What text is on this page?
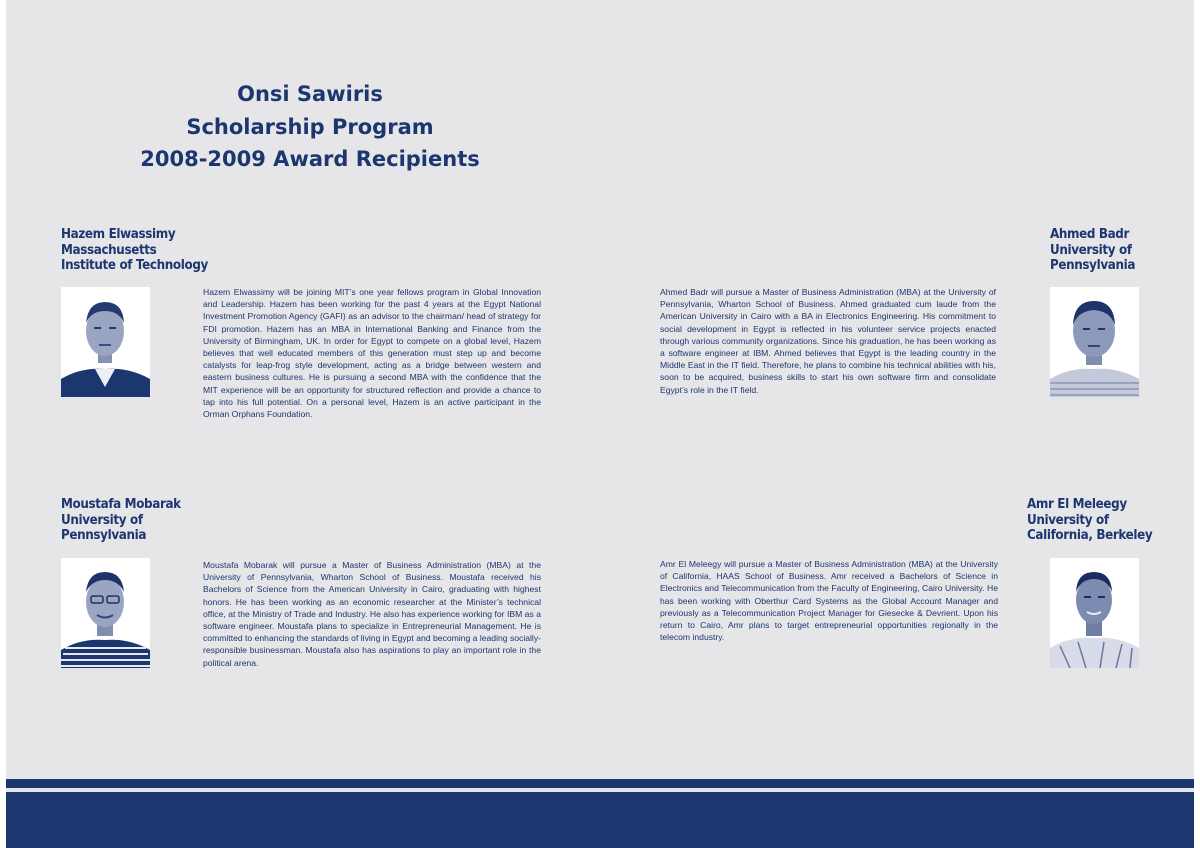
Onsi Sawiris
Scholarship Program
2008-2009 Award Recipients
Hazem Elwassimy
Massachusetts
Institute of Technology
Hazem Elwassimy will be joining MIT’s one year fellows program in Global Innovation and Leadership. Hazem has been working for the past 4 years at the Egypt National Investment Promotion Agency (GAFI) as an advisor to the chairman/ head of strategy for FDI promotion. Hazem has an MBA in International Banking and Finance from the University of Birmingham, UK. In order for Egypt to compete on a global level, Hazem believes that well educated members of this generation must step up and become catalysts for leap-frog style development, acting as a bridge between western and eastern business cultures. He is pursuing a second MBA with the confidence that the MIT experience will be an opportunity for structured reflection and provide a chance to tap into his full potential. On a personal level, Hazem is an active participant in the Orman Orphans Foundation.
Ahmed Badr
University of
Pennsylvania
Ahmed Badr will pursue a Master of Business Administration (MBA) at the University of Pennsylvania, Wharton School of Business. Ahmed graduated cum laude from the American University in Cairo with a BA in Electronics Engineering. His commitment to social development in Egypt is reflected in his volunteer service projects enacted through various community organizations. Since his graduation, he has been working as a software engineer at IBM. Ahmed believes that Egypt is the leading country in the Middle East in the IT field. Therefore, he plans to combine his technical abilities with his, soon to be acquired, business skills to start his own software firm and consolidate Egypt’s role in the IT field.
Moustafa Mobarak
University of
Pennsylvania
Moustafa Mobarak will pursue a Master of Business Administration (MBA) at the University of Pennsylvania, Wharton School of Business. Moustafa received his Bachelors of Science from the American University in Cairo, graduating with highest honors. He has been working as an economic researcher at the Minister’s technical office, at the Ministry of Trade and Industry. He also has experience working for IBM as a software engineer. Moustafa plans to specialize in Entrepreneurial Management. He is committed to enhancing the standards of living in Egypt and becoming a leading socially-responsible businessman. Moustafa also has aspirations to play an important role in the political arena.
Amr El Meleegy
University of
California, Berkeley
Amr El Meleegy will pursue a Master of Business Administration (MBA) at the University of California, HAAS School of Business. Amr received a Bachelors of Science in Electronics and Telecommunication from the Faculty of Engineering, Cairo University. He has been working with Oberthur Card Systems as the Global Account Manager and previously as a Telecommunication Project Manager for Giesecke & Devrient. Upon his return to Cairo, Amr plans to target entrepreneurial opportunities regionally in the telecom industry.
